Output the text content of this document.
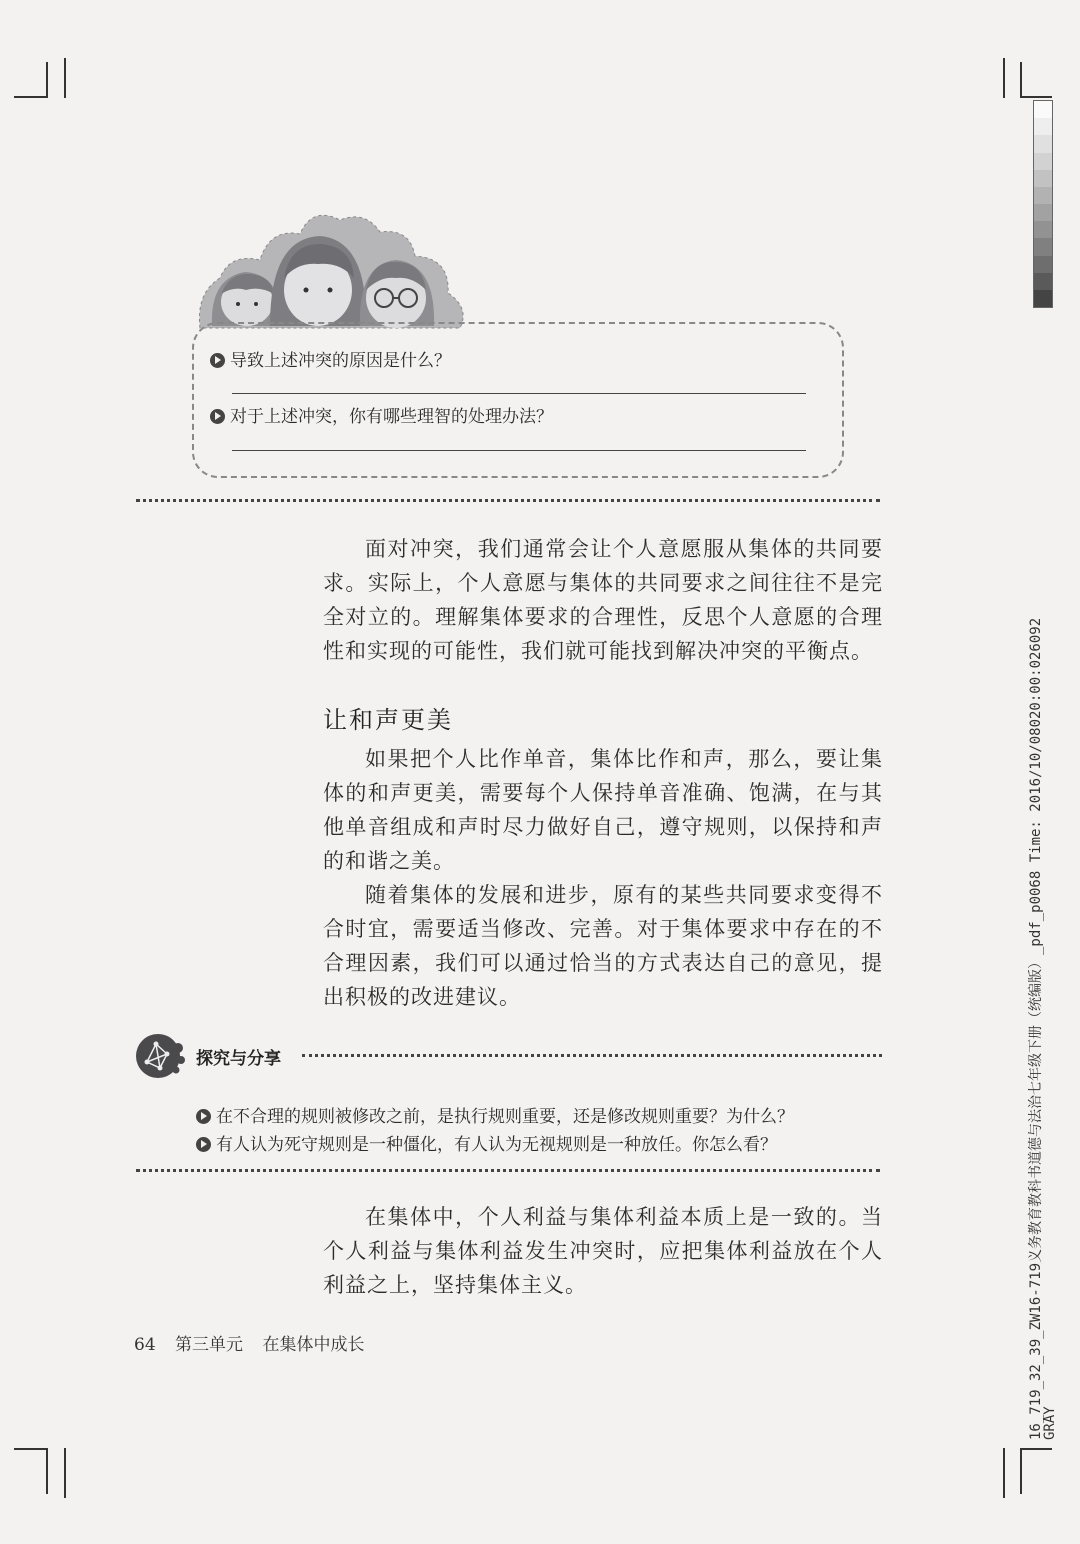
导致上述冲突的原因是什么？
对于上述冲突，你有哪些理智的处理办法？

面对冲突，我们通常会让个人意愿服从集体的共同要求。实际上，个人意愿与集体的共同要求之间往往不是完全对立的。理解集体要求的合理性，反思个人意愿的合理性和实现的可能性，我们就可能找到解决冲突的平衡点。

让和声更美

如果把个人比作单音，集体比作和声，那么，要让集体的和声更美，需要每个人保持单音准确、饱满，在与其他单音组成和声时尽力做好自己，遵守规则，以保持和声的和谐之美。

随着集体的发展和进步，原有的某些共同要求变得不合时宜，需要适当修改、完善。对于集体要求中存在的不合理因素，我们可以通过恰当的方式表达自己的意见，提出积极的改进建议。

探究与分享
在不合理的规则被修改之前，是执行规则重要，还是修改规则重要？为什么？
有人认为死守规则是一种僵化，有人认为无视规则是一种放任。你怎么看？

在集体中，个人利益与集体利益本质上是一致的。当个人利益与集体利益发生冲突时，应把集体利益放在个人利益之上，坚持集体主义。

64 第三单元 在集体中成长	16_719_32_39_ZW16-719义务教育教科书道德与法治七年级下册（统编版）_pdf_p0068 Time: 2016/10/08020:00:026092
GRAY
